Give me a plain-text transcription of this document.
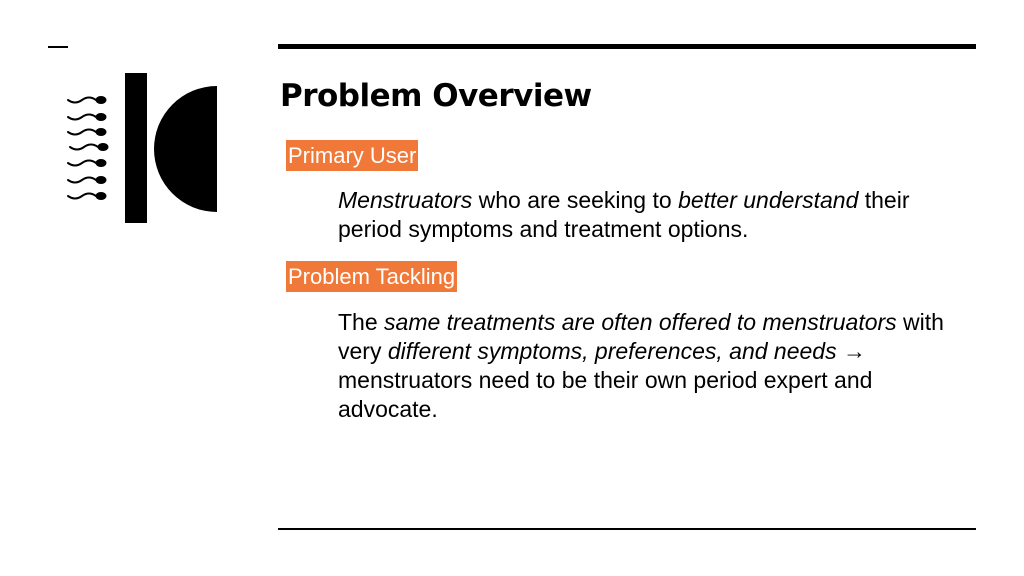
Problem Overview
Primary User
Menstruators who are seeking to better understand their period symptoms and treatment options.
Problem Tackling
The same treatments are often offered to menstruators with very different symptoms, preferences, and needs → menstruators need to be their own period expert and advocate.
